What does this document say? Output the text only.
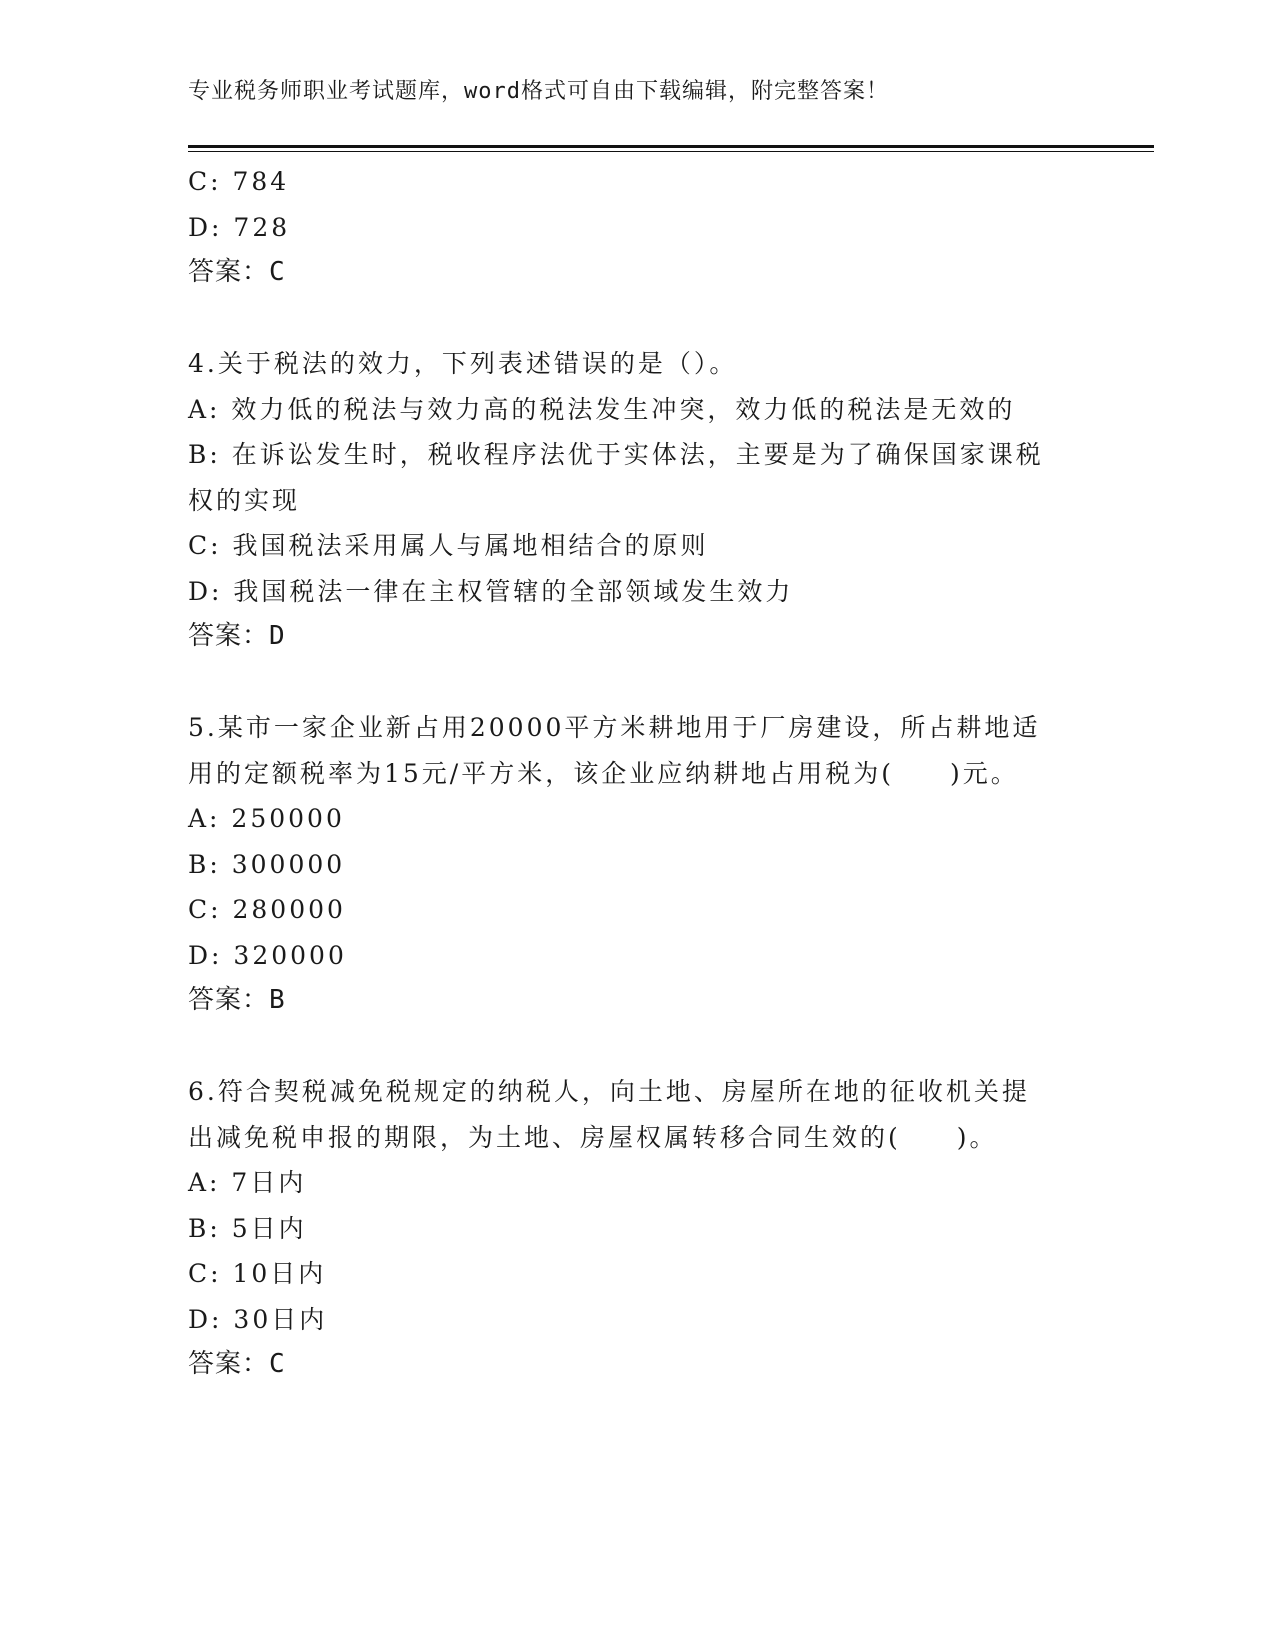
专业税务师职业考试题库，word格式可自由下载编辑，附完整答案！
C: 784
D: 728
答案：C
4.关于税法的效力，下列表述错误的是（）。
A: 效力低的税法与效力高的税法发生冲突，效力低的税法是无效的
B: 在诉讼发生时，税收程序法优于实体法，主要是为了确保国家课税
权的实现
C: 我国税法采用属人与属地相结合的原则
D: 我国税法一律在主权管辖的全部领域发生效力
答案：D
5.某市一家企业新占用20000平方米耕地用于厂房建设，所占耕地适
用的定额税率为15元/平方米，该企业应纳耕地占用税为(　　)元。
A: 250000
B: 300000
C: 280000
D: 320000
答案：B
6.符合契税减免税规定的纳税人，向土地、房屋所在地的征收机关提
出减免税申报的期限，为土地、房屋权属转移合同生效的(　　)。
A: 7日内
B: 5日内
C: 10日内
D: 30日内
答案：C
